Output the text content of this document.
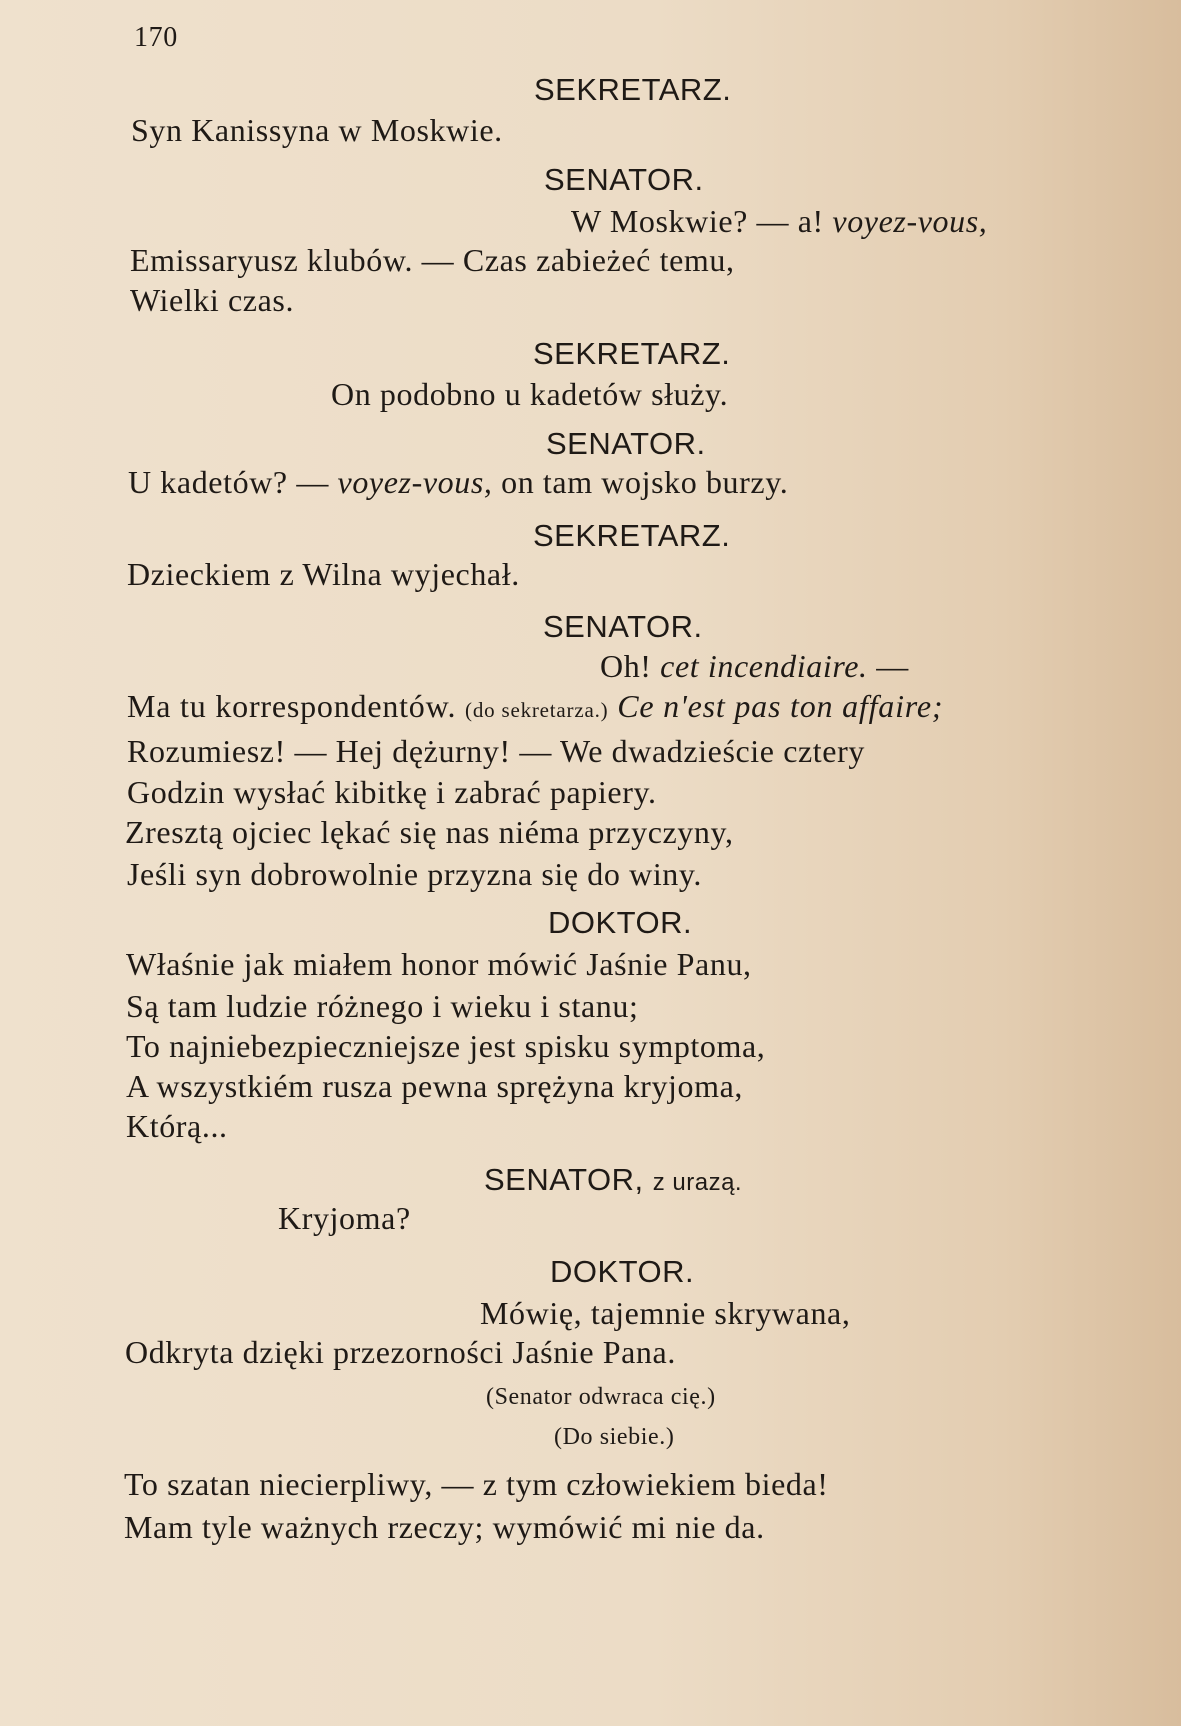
170
SEKRETARZ.
Syn Kanissyna w Moskwie.
SENATOR.
W Moskwie? — a! voyez-vous,
Emissaryusz klubów. — Czas zabieżeć temu,
Wielki czas.
SEKRETARZ.
On podobno u kadetów służy.
SENATOR.
U kadetów? — voyez-vous, on tam wojsko burzy.
SEKRETARZ.
Dzieckiem z Wilna wyjechał.
SENATOR.
Oh! cet incendiaire. —
Ma tu korrespondentów. (do sekretarza.) Ce n'est pas ton affaire;
Rozumiesz! — Hej dężurny! — We dwadzieście cztery
Godzin wysłać kibitkę i zabrać papiery.
Zresztą ojciec lękać się nas niéma przyczyny,
Jeśli syn dobrowolnie przyzna się do winy.
DOKTOR.
Właśnie jak miałem honor mówić Jaśnie Panu,
Są tam ludzie różnego i wieku i stanu;
To najniebezpieczniejsze jest spisku symptoma,
A wszystkiém rusza pewna sprężyna kryjoma,
Którą...
SENATOR, z urazą.
Kryjoma?
DOKTOR.
Mówię, tajemnie skrywana,
Odkryta dzięki przezorności Jaśnie Pana.
(Senator odwraca cię.)
(Do siebie.)
To szatan niecierpliwy, — z tym człowiekiem bieda!
Mam tyle ważnych rzeczy; wymówić mi nie da.
